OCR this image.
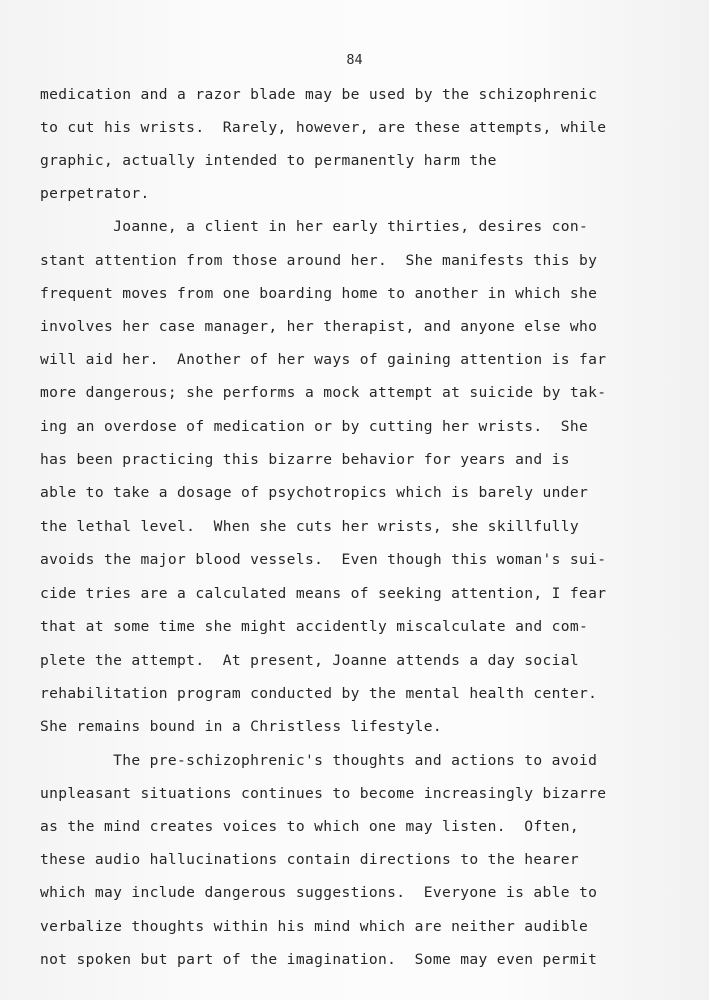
84
medication and a razor blade may be used by the schizophrenic
to cut his wrists.  Rarely, however, are these attempts, while
graphic, actually intended to permanently harm the
perpetrator.
Joanne, a client in her early thirties, desires con-
stant attention from those around her.  She manifests this by
frequent moves from one boarding home to another in which she
involves her case manager, her therapist, and anyone else who
will aid her.  Another of her ways of gaining attention is far
more dangerous; she performs a mock attempt at suicide by tak-
ing an overdose of medication or by cutting her wrists.  She
has been practicing this bizarre behavior for years and is
able to take a dosage of psychotropics which is barely under
the lethal level.  When she cuts her wrists, she skillfully
avoids the major blood vessels.  Even though this woman's sui-
cide tries are a calculated means of seeking attention, I fear
that at some time she might accidently miscalculate and com-
plete the attempt.  At present, Joanne attends a day social
rehabilitation program conducted by the mental health center.
She remains bound in a Christless lifestyle.
The pre-schizophrenic's thoughts and actions to avoid
unpleasant situations continues to become increasingly bizarre
as the mind creates voices to which one may listen.  Often,
these audio hallucinations contain directions to the hearer
which may include dangerous suggestions.  Everyone is able to
verbalize thoughts within his mind which are neither audible
not spoken but part of the imagination.  Some may even permit
